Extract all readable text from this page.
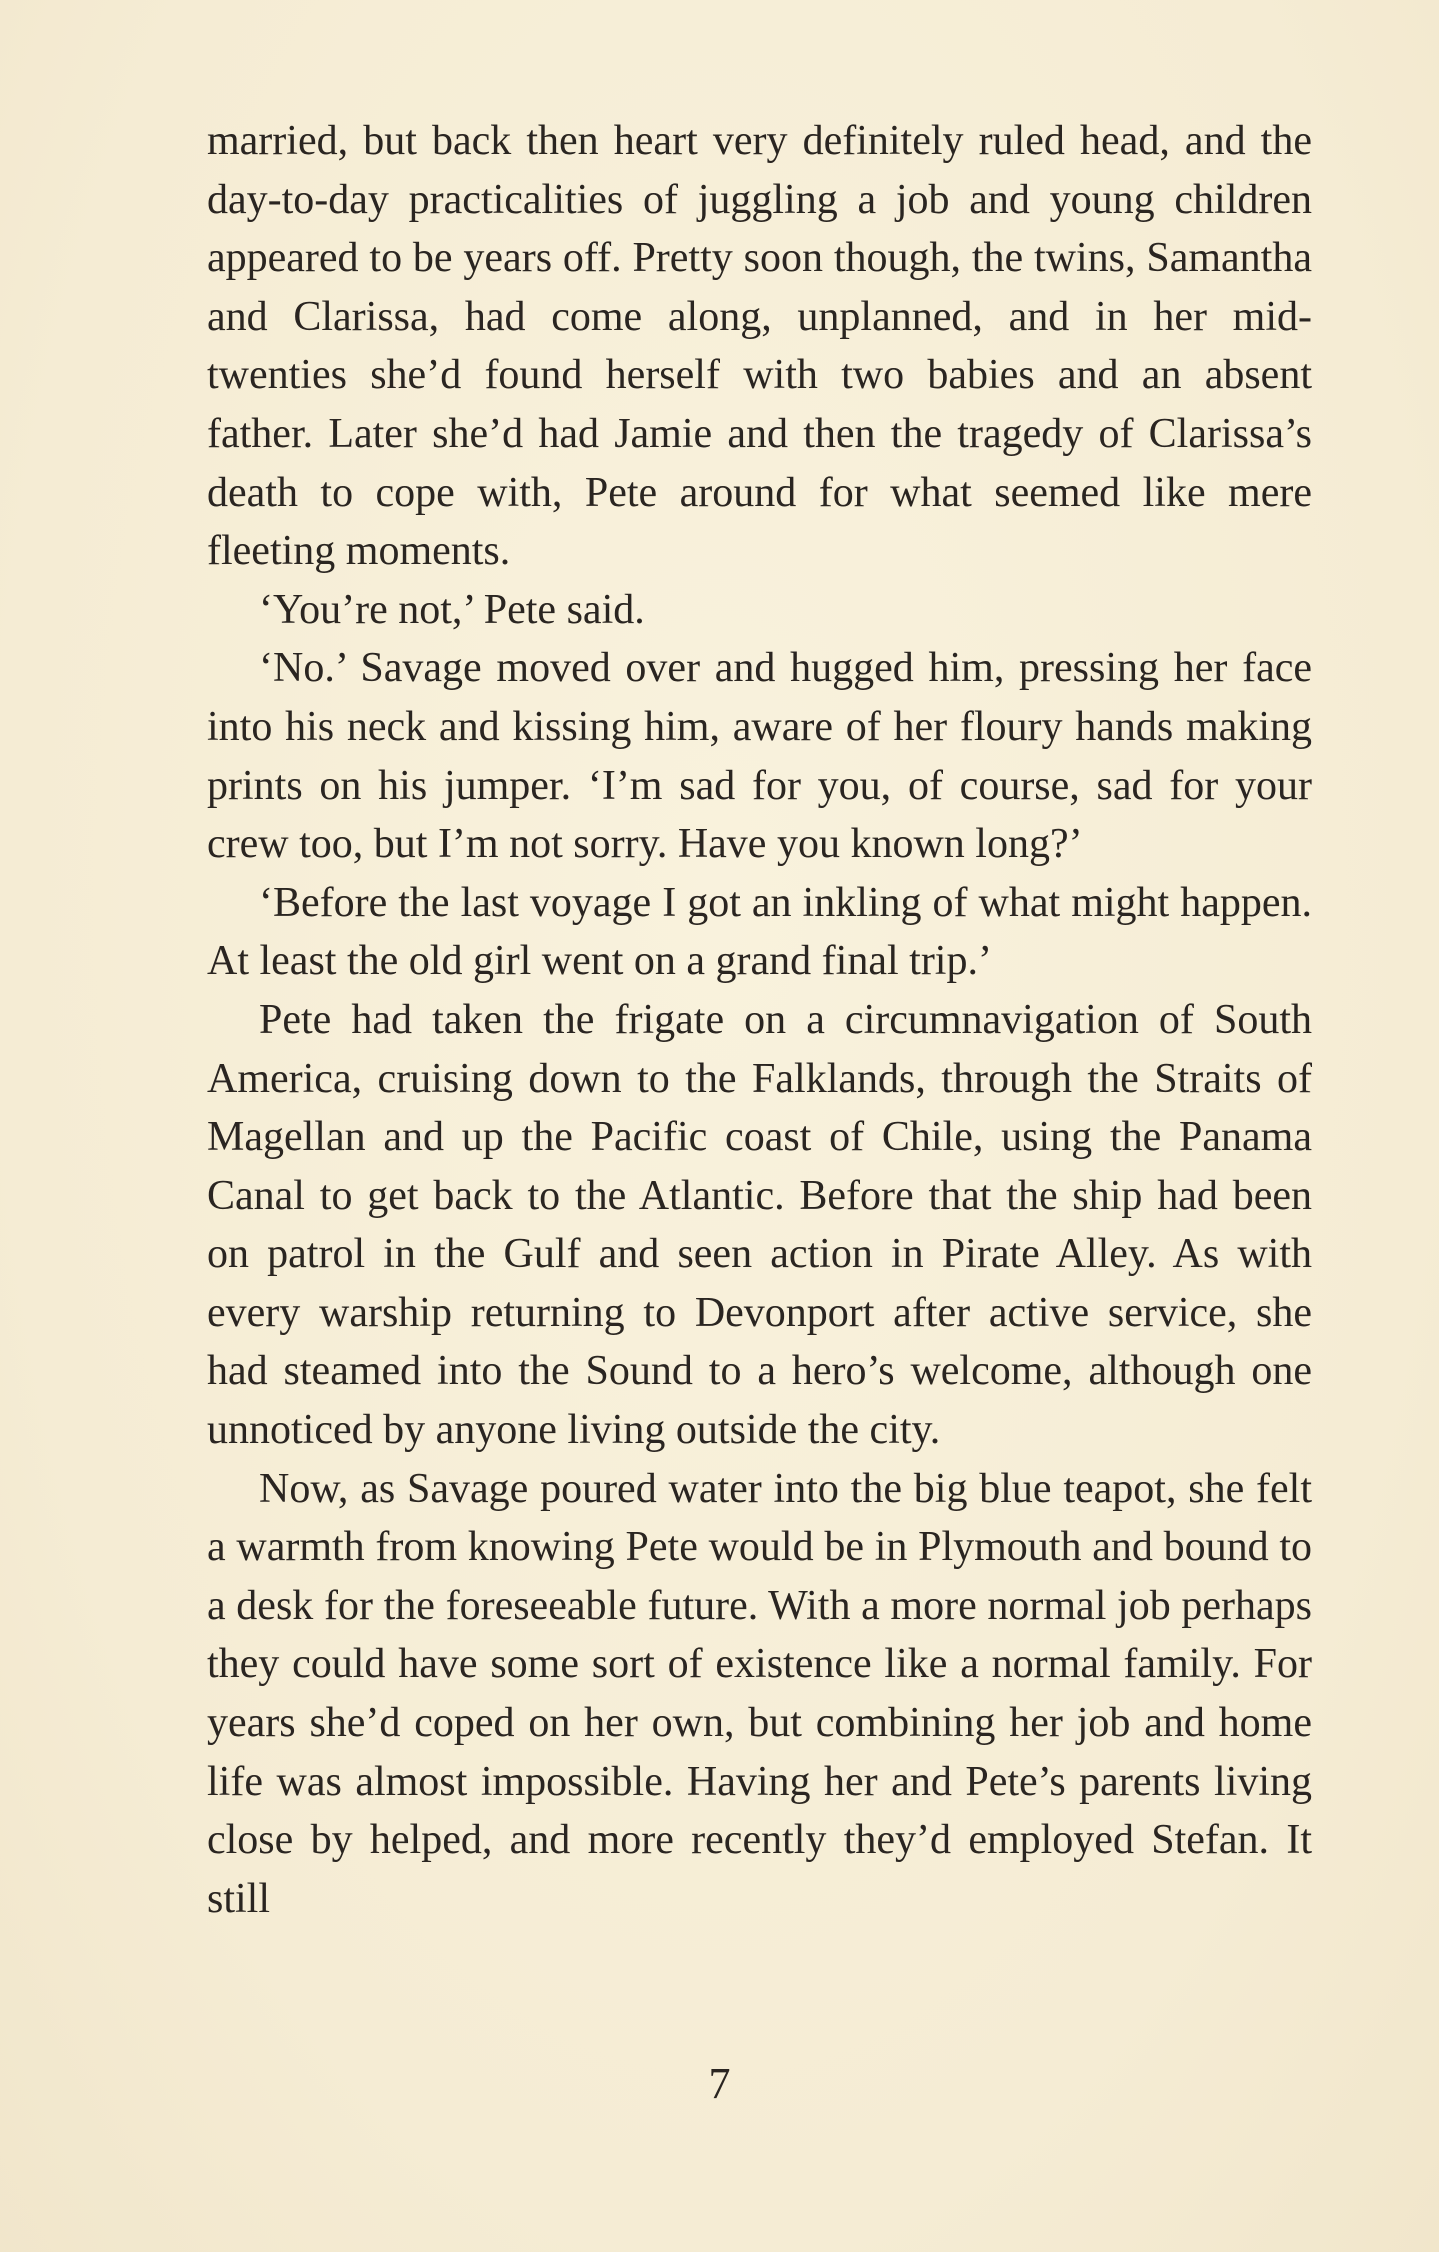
married, but back then heart very definitely ruled head, and the day-to-day practicalities of juggling a job and young children appeared to be years off. Pretty soon though, the twins, Samantha and Clarissa, had come along, unplanned, and in her mid-twenties she’d found herself with two babies and an absent father. Later she’d had Jamie and then the tragedy of Clarissa’s death to cope with, Pete around for what seemed like mere fleeting moments.

‘You’re not,’ Pete said.

‘No.’ Savage moved over and hugged him, pressing her face into his neck and kissing him, aware of her floury hands making prints on his jumper. ‘I’m sad for you, of course, sad for your crew too, but I’m not sorry. Have you known long?’

‘Before the last voyage I got an inkling of what might happen. At least the old girl went on a grand final trip.’

Pete had taken the frigate on a circumnavigation of South America, cruising down to the Falklands, through the Straits of Magellan and up the Pacific coast of Chile, using the Panama Canal to get back to the Atlantic. Before that the ship had been on patrol in the Gulf and seen action in Pirate Alley. As with every warship returning to Devonport after active service, she had steamed into the Sound to a hero’s welcome, although one unnoticed by anyone living outside the city.

Now, as Savage poured water into the big blue teapot, she felt a warmth from knowing Pete would be in Plymouth and bound to a desk for the foreseeable future. With a more normal job perhaps they could have some sort of existence like a normal family. For years she’d coped on her own, but combining her job and home life was almost impossible. Having her and Pete’s parents living close by helped, and more recently they’d employed Stefan. It still

7
